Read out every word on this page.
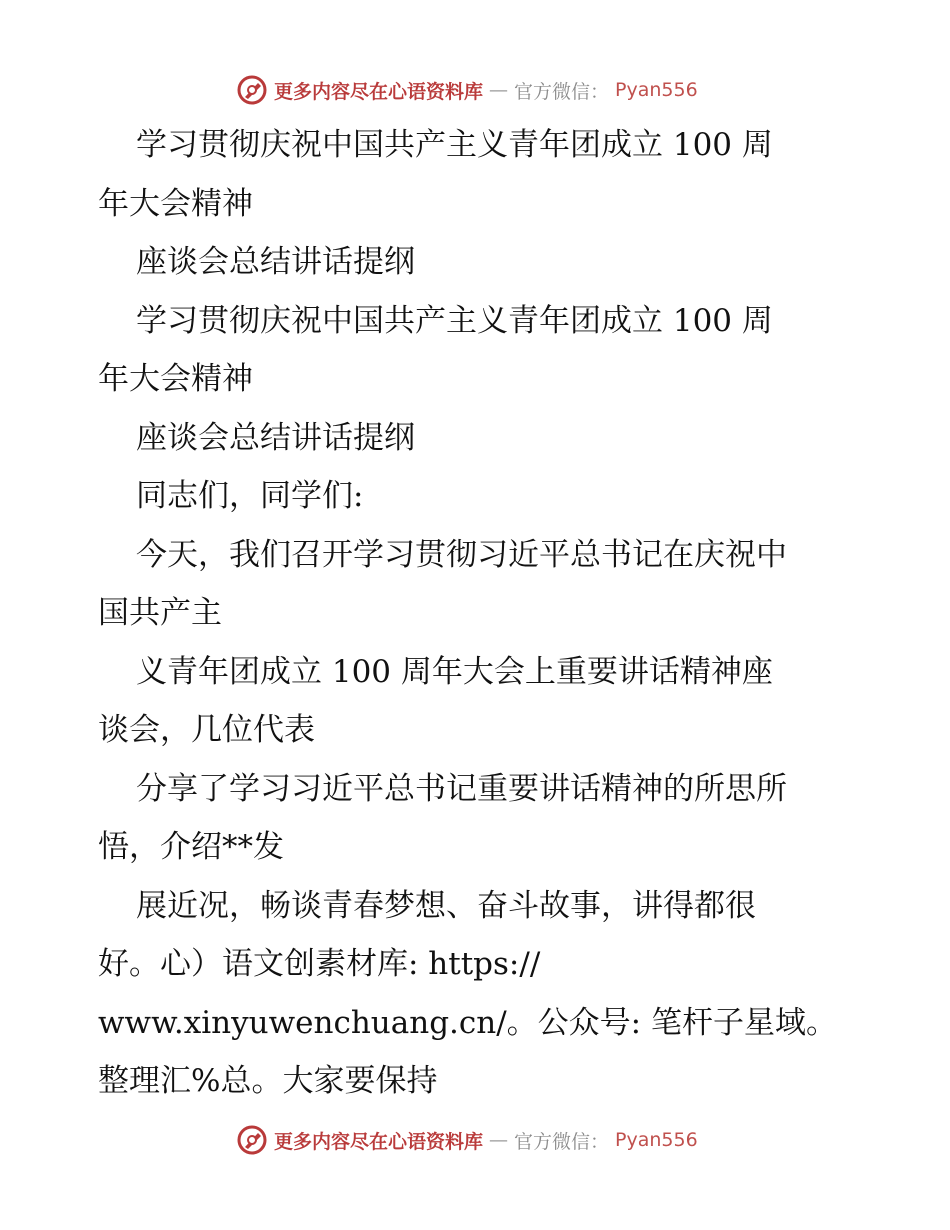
更多内容尽在心语资料库 — 官方微信： Pyan556
学习贯彻庆祝中国共产主义青年团成立 100 周
年大会精神
座谈会总结讲话提纲
学习贯彻庆祝中国共产主义青年团成立 100 周
年大会精神
座谈会总结讲话提纲
同志们，同学们:
今天，我们召开学习贯彻习近平总书记在庆祝中
国共产主
义青年团成立 100 周年大会上重要讲话精神座
谈会，几位代表
分享了学习习近平总书记重要讲话精神的所思所
悟，介绍**发
展近况，畅谈青春梦想、奋斗故事，讲得都很
好。心）语文创素材库: https://
www.xinyuwenchuang.cn/。公众号: 笔杆子星域。
整理汇%总。大家要保持
更多内容尽在心语资料库 — 官方微信： Pyan556
